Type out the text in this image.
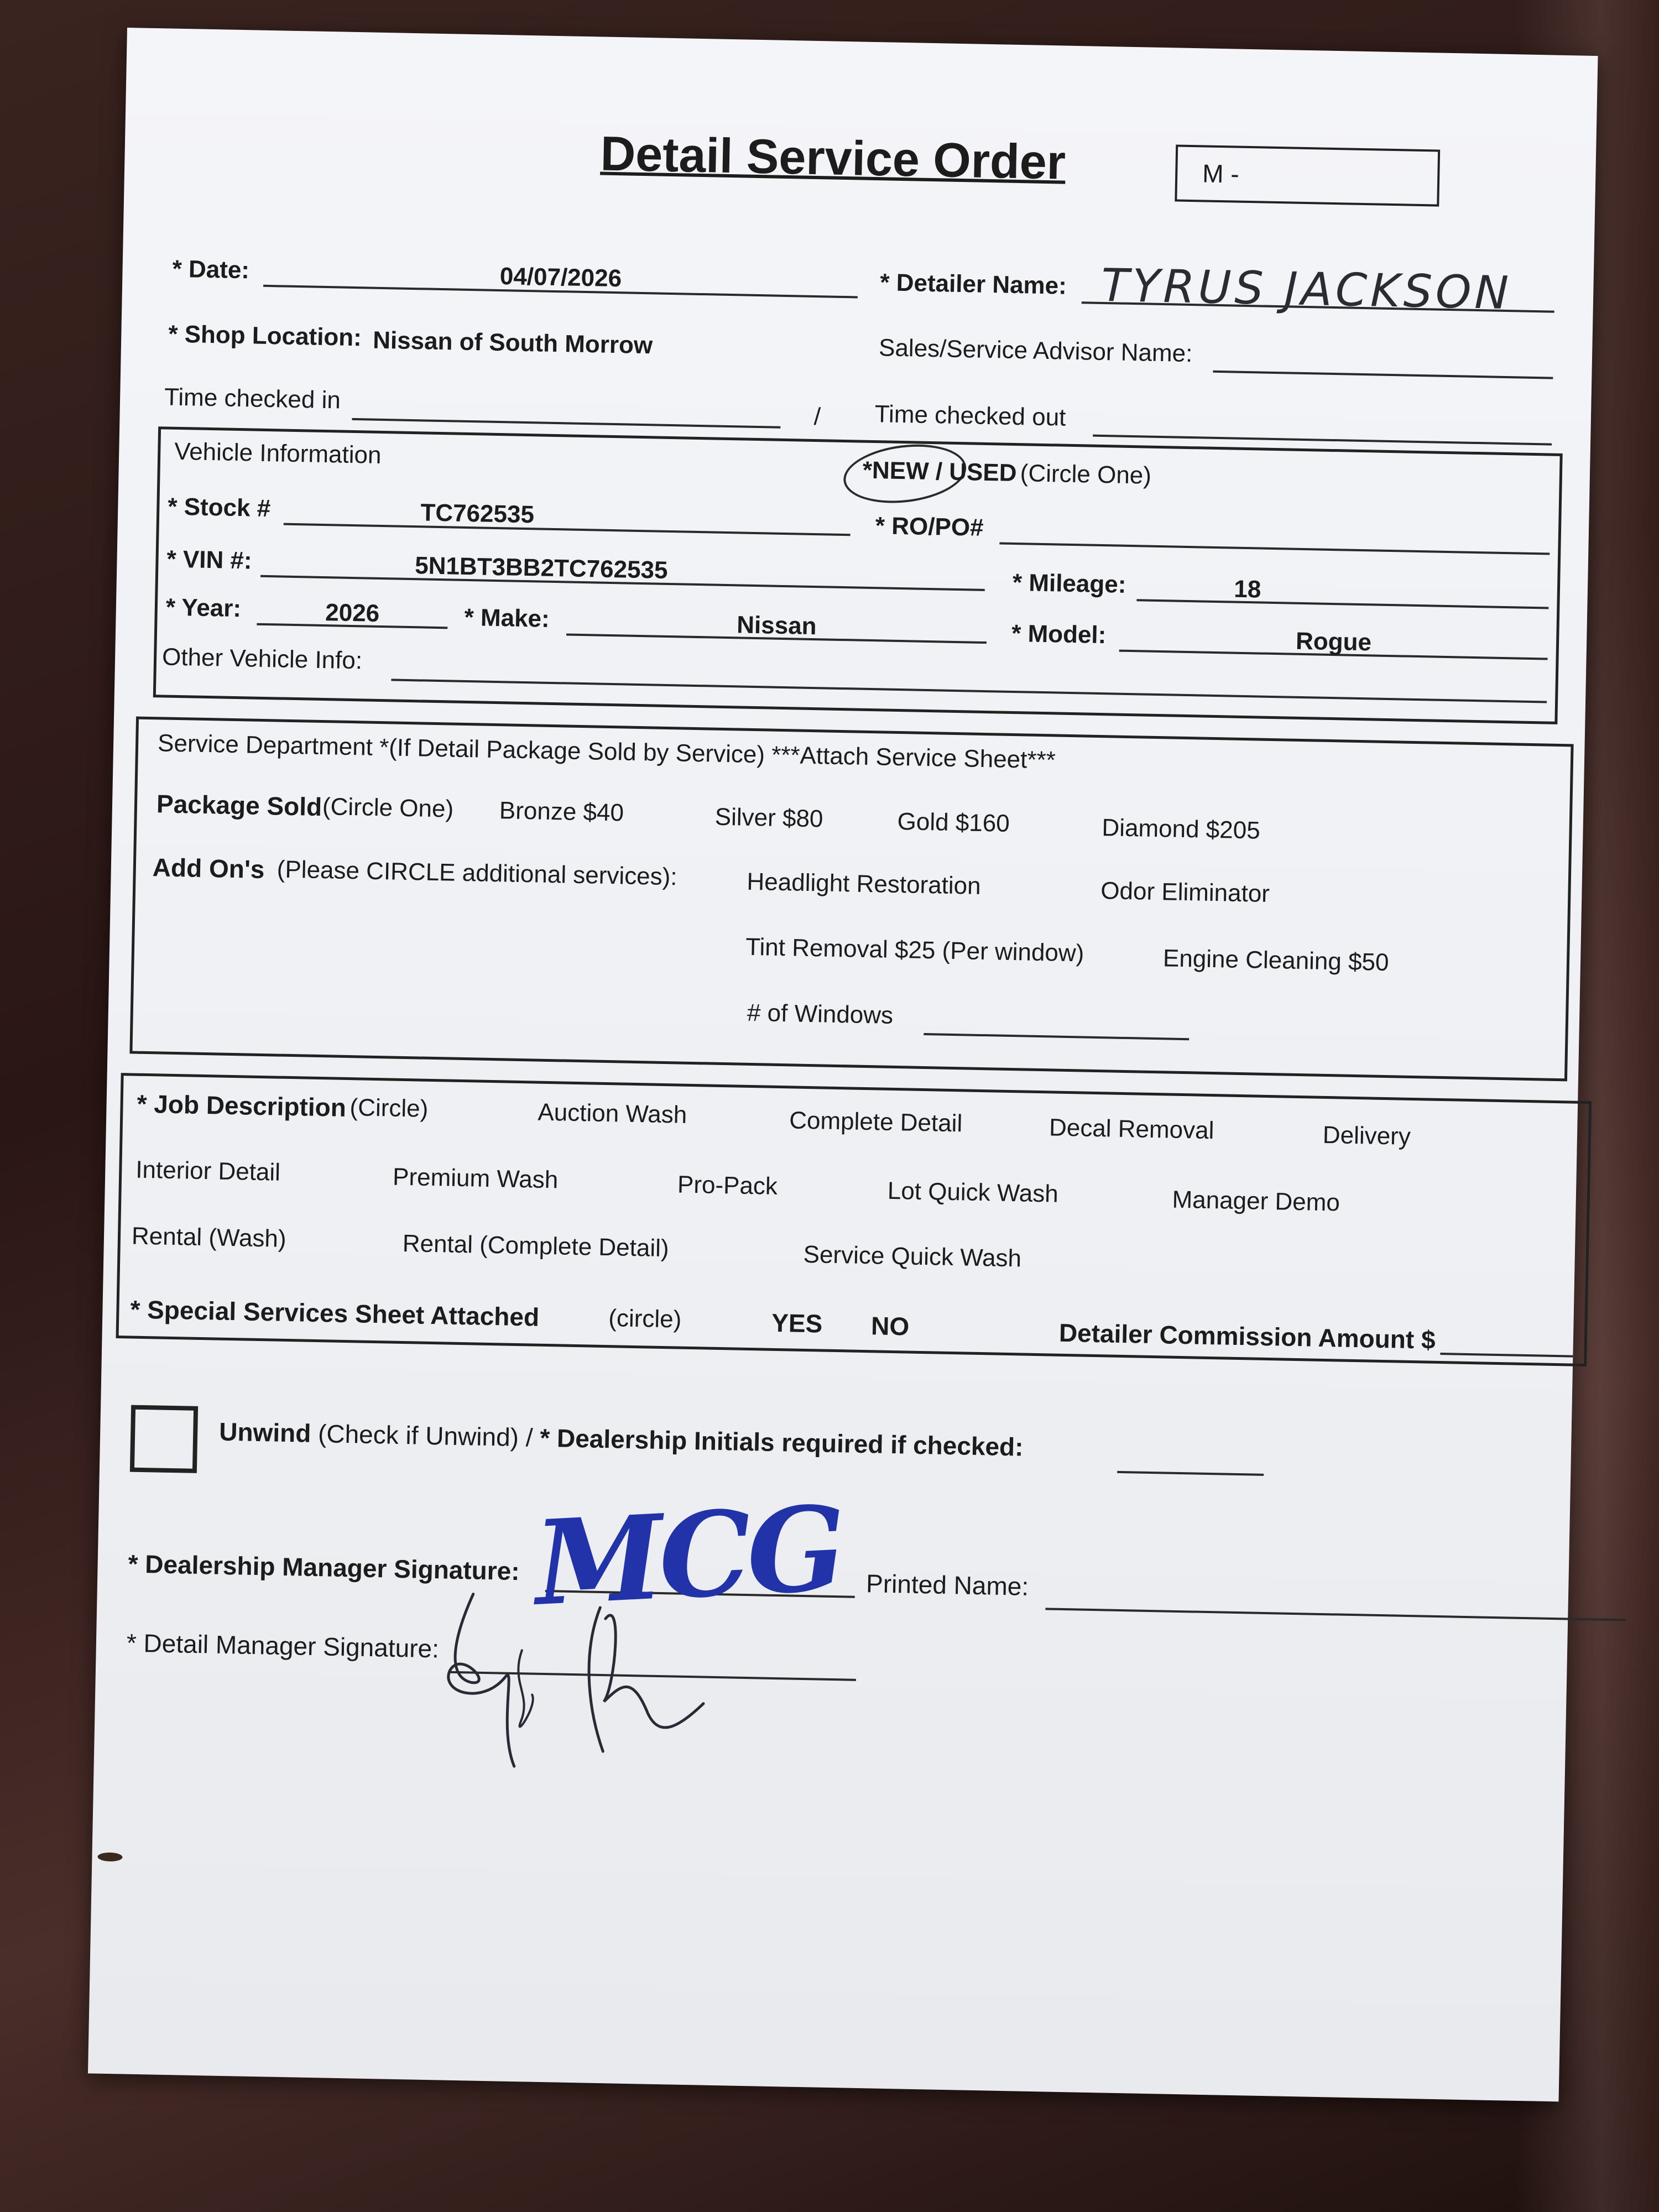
Detail Service Order	M -
* Date:	04/07/2026	* Detailer Name: TYRUS JACKSON
* Shop Location: Nissan of South Morrow	Sales/Service Advisor Name:
Time checked in
/ Time checked out
Vehicle Information
*NEW / USED (Circle One)
* Stock #	TC762535	* RO/PO#
* VIN #:	5N1BT3BB2TC762535	* Mileage:	18
* Year:	2026	* Make:	Nissan	* Model:	Rogue
Other Vehicle Info:
Service Department *(If Detail Package Sold by Service) ***Attach Service Sheet***
Package Sold (Circle One) Bronze $40	Silver $80	Gold $160	Diamond $205
Add On's (Please CIRCLE additional services):	Headlight Restoration	Odor Eliminator
Tint Removal $25 (Per window)	Engine Cleaning $50
# of Windows
* Job Description (Circle)	Auction Wash	Complete Detail	Decal Removal	Delivery
Interior Detail	Premium Wash	Pro-Pack	Lot Quick Wash	Manager Demo
Rental (Wash)	Rental (Complete Detail)	Service Quick Wash
* Special Services Sheet Attached	(circle)	YES NO	Detailer Commission Amount $
Unwind (Check if Unwind) / * Dealership Initials required if checked:
* Dealership Manager Signature: MCG Printed Name:
* Detail Manager Signature:
